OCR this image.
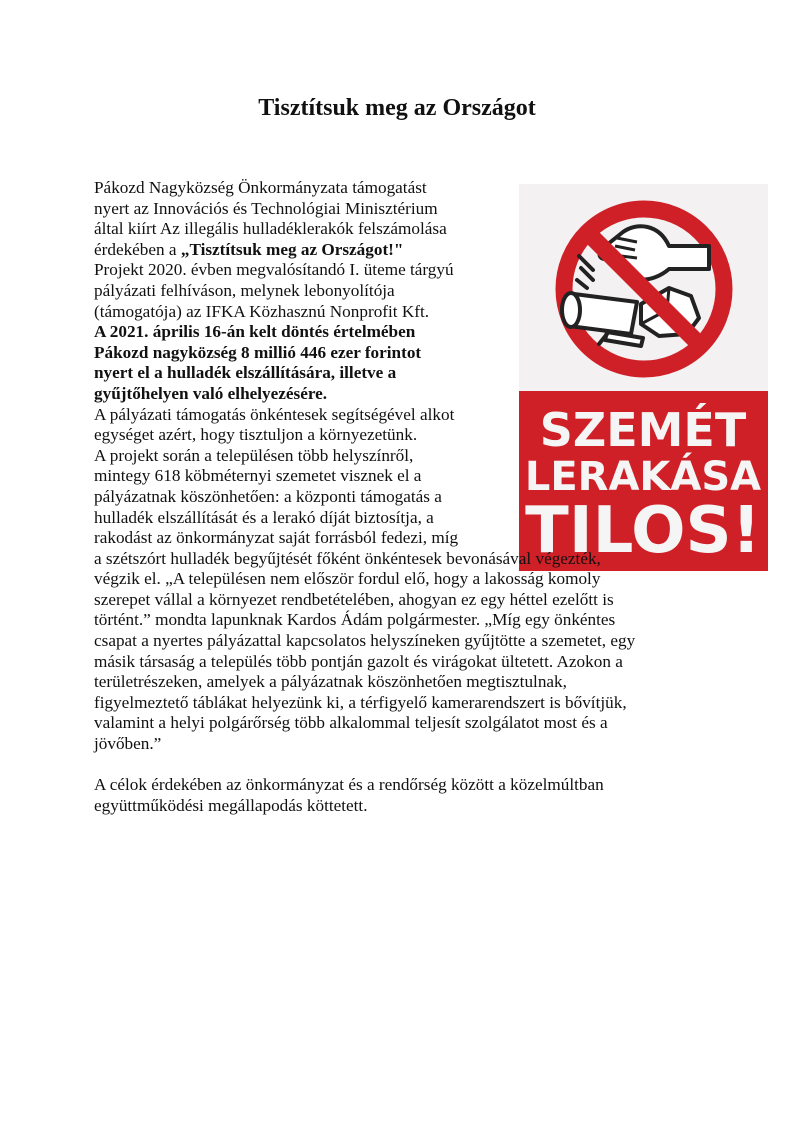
Tisztítsuk meg az Országot
SZEMÉT
LERAKÁSA
TILOS!
Pákozd Nagyközség Önkormányzata támogatást
nyert az Innovációs és Technológiai Minisztérium
által kiírt Az illegális hulladéklerakók felszámolása
érdekében a „Tisztítsuk meg az Országot!"
Projekt 2020. évben megvalósítandó I. üteme tárgyú
pályázati felhíváson, melynek lebonyolítója
(támogatója) az IFKA Közhasznú Nonprofit Kft.
A 2021. április 16-án kelt döntés értelmében
Pákozd nagyközség 8 millió 446 ezer forintot
nyert el a hulladék elszállítására, illetve a
gyűjtőhelyen való elhelyezésére.
A pályázati támogatás önkéntesek segítségével alkot
egységet azért, hogy tisztuljon a környezetünk.
A projekt során a településen több helyszínről,
mintegy 618 köbméternyi szemetet visznek el a
pályázatnak köszönhetően: a központi támogatás a
hulladék elszállítását és a lerakó díját biztosítja, a
rakodást az önkormányzat saját forrásból fedezi, míg
a szétszórt hulladék begyűjtését főként önkéntesek bevonásával végezték,
végzik el. „A településen nem először fordul elő, hogy a lakosság komoly
szerepet vállal a környezet rendbetételében, ahogyan ez egy héttel ezelőtt is
történt.” mondta lapunknak Kardos Ádám polgármester. „Míg egy önkéntes
csapat a nyertes pályázattal kapcsolatos helyszíneken gyűjtötte a szemetet, egy
másik társaság a település több pontján gazolt és virágokat ültetett. Azokon a
területrészeken, amelyek a pályázatnak köszönhetően megtisztulnak,
figyelmeztető táblákat helyezünk ki, a térfigyelő kamerarendszert is bővítjük,
valamint a helyi polgárőrség több alkalommal teljesít szolgálatot most és a
jövőben.”
A célok érdekében az önkormányzat és a rendőrség között a közelmúltban
együttműködési megállapodás köttetett.
